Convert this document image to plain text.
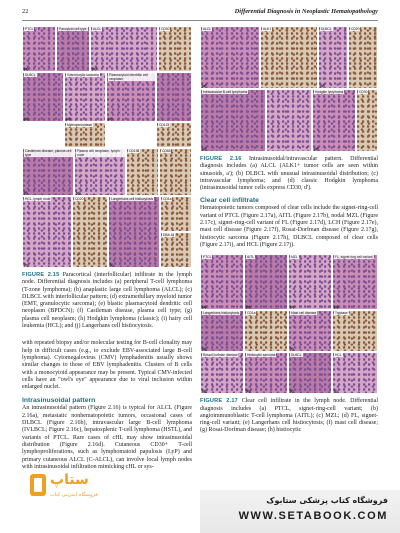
22	Differential Diagnosis in Neoplastic Hematopathology
PTCL
(a)
Pancytoid cell type	ALCL
(b)
CD30
DLBCL
(c)
Granulocytic sarcoma
(d)
Plasmacytoid dendritic cell neoplasm
(e)
Myeloperoxidase	CD123
Castleman disease, plasma cell type
(f)
Plasma cell neoplasm, lymph node
(g)
CD138	CD68
HCL, lymph node
(h)
CD20	Langerhans cell histiocytosis
(i)
CD1a
DBA.44

FIGURE 2.15 Paracortical (interfollicular) infiltrate in the lymph node. Differential diagnosis includes (a) peripheral T-cell lymphoma (T-zone lymphoma); (b) anaplastic large cell lymphoma (ALCL); (c) DLBCL with interfollicular pattern; (d) extramedullary myeloid tumor (EMT, granulocytic sarcoma); (e) blastic plasmacytoid dendritic cell neoplasm (BPDCN); (f) Castleman disease, plasma cell type; (g) plasma cell neoplasm; (h) Hodgkin lymphoma (classic); (i) hairy cell leukemia (HCL); and (j) Langerhans cell histiocytosis.

with repeated biopsy and/or molecular testing for B-cell clonality may help in difficult cases (e.g., to exclude EBV-associated large B-cell lymphoma). Cytomegalovirus (CMV) lymphadenitis usually shows similar changes to those of EBV lymphadenitis. Clusters of B cells with a monocytoid appearance may be present. Typical CMV-infected cells have an "owl's eye" appearance due to viral inclusion within enlarged nuclei.

Intrasinusoidal pattern

An intrasinusoidal pattern (Figure 2.16) is typical for ALCL (Figure 2.16a), metastatic nonhematopoietic tumors, occasional cases of DLBCL (Figure 2.16b), intravascular large B-cell lymphoma (IVLBCL; Figure 2.16c), hepatosplenic T-cell lymphoma (HSTL), and variants of PTCL. Rare cases of cHL may show intrasinusoidal distribution (Figure 2.16d). Cutaneous CD30+ T-cell lymphoproliferations, such as lymphomatoid papulosis (LyP) and primary cutaneous ALCL (C-ALCL), can involve local lymph nodes with intrasinusoidal infiltration mimicking cHL or sys-

ALCL
(a)
ALK1	DLBCL
(b)
CD20
Intravascular B-cell lymphoma
(c)
Hodgkin lymphoma
(d)
CD30

FIGURE 2.16 Intrasinusoidal/intravascular pattern. Differential diagnosis includes (a) ALCL (ALK1+ tumor cells are seen within sinusoids, a'); (b) DLBCL with unusual intrasinusoidal distribution; (c) intravascular lymphoma; and (d) classic Hodgkin lymphoma (intrasinusoidal tumor cells express CD30, d').

Clear cell infiltrate

Hematopoietic tumors composed of clear cells include the signet-ring-cell variant of PTCL (Figure 2.17a), AITL (Figure 2.17b), nodal MZL (Figure 2.17c), signet-ring-cell variant of FL (Figure 2.17d), LCH (Figure 2.17e), mast cell disease (Figure 2.17f), Rosai-Dorfman disease (Figure 2.17g), histiocytic sarcoma (Figure 2.17h), DLBCL composed of clear cells (Figure 2.17i), and HCL (Figure 2.17j).

PTCL
(a)
AITL
(b)
MZL
(c)
FL, signet ring cell variant
(d)
Langerhans histiocytosis
(e)
CD1a	Mast cell disease
(f)
Tryptase
Rosai-Dorfman disease
(g)
Histiocytic sarcoma
(h)
DLBCL
(i)
HCL
(j)

FIGURE 2.17 Clear cell infiltrate in the lymph node. Differential diagnosis includes (a) PTCL, signet-ring-cell variant; (b) angioimmunoblastic T-cell lymphoma (AITL); (c) MZL; (d) FL, signet-ring-cell variant; (e) Langerhans cell histiocytosis; (f) mast cell disease; (g) Rosai-Dorfman disease; (h) histiocytic

ستاپ
فروشگاه اینترنتی کتاب
فروشگاه کتاب پزشکی ستابوک
WWW.SETABOOK.COM
